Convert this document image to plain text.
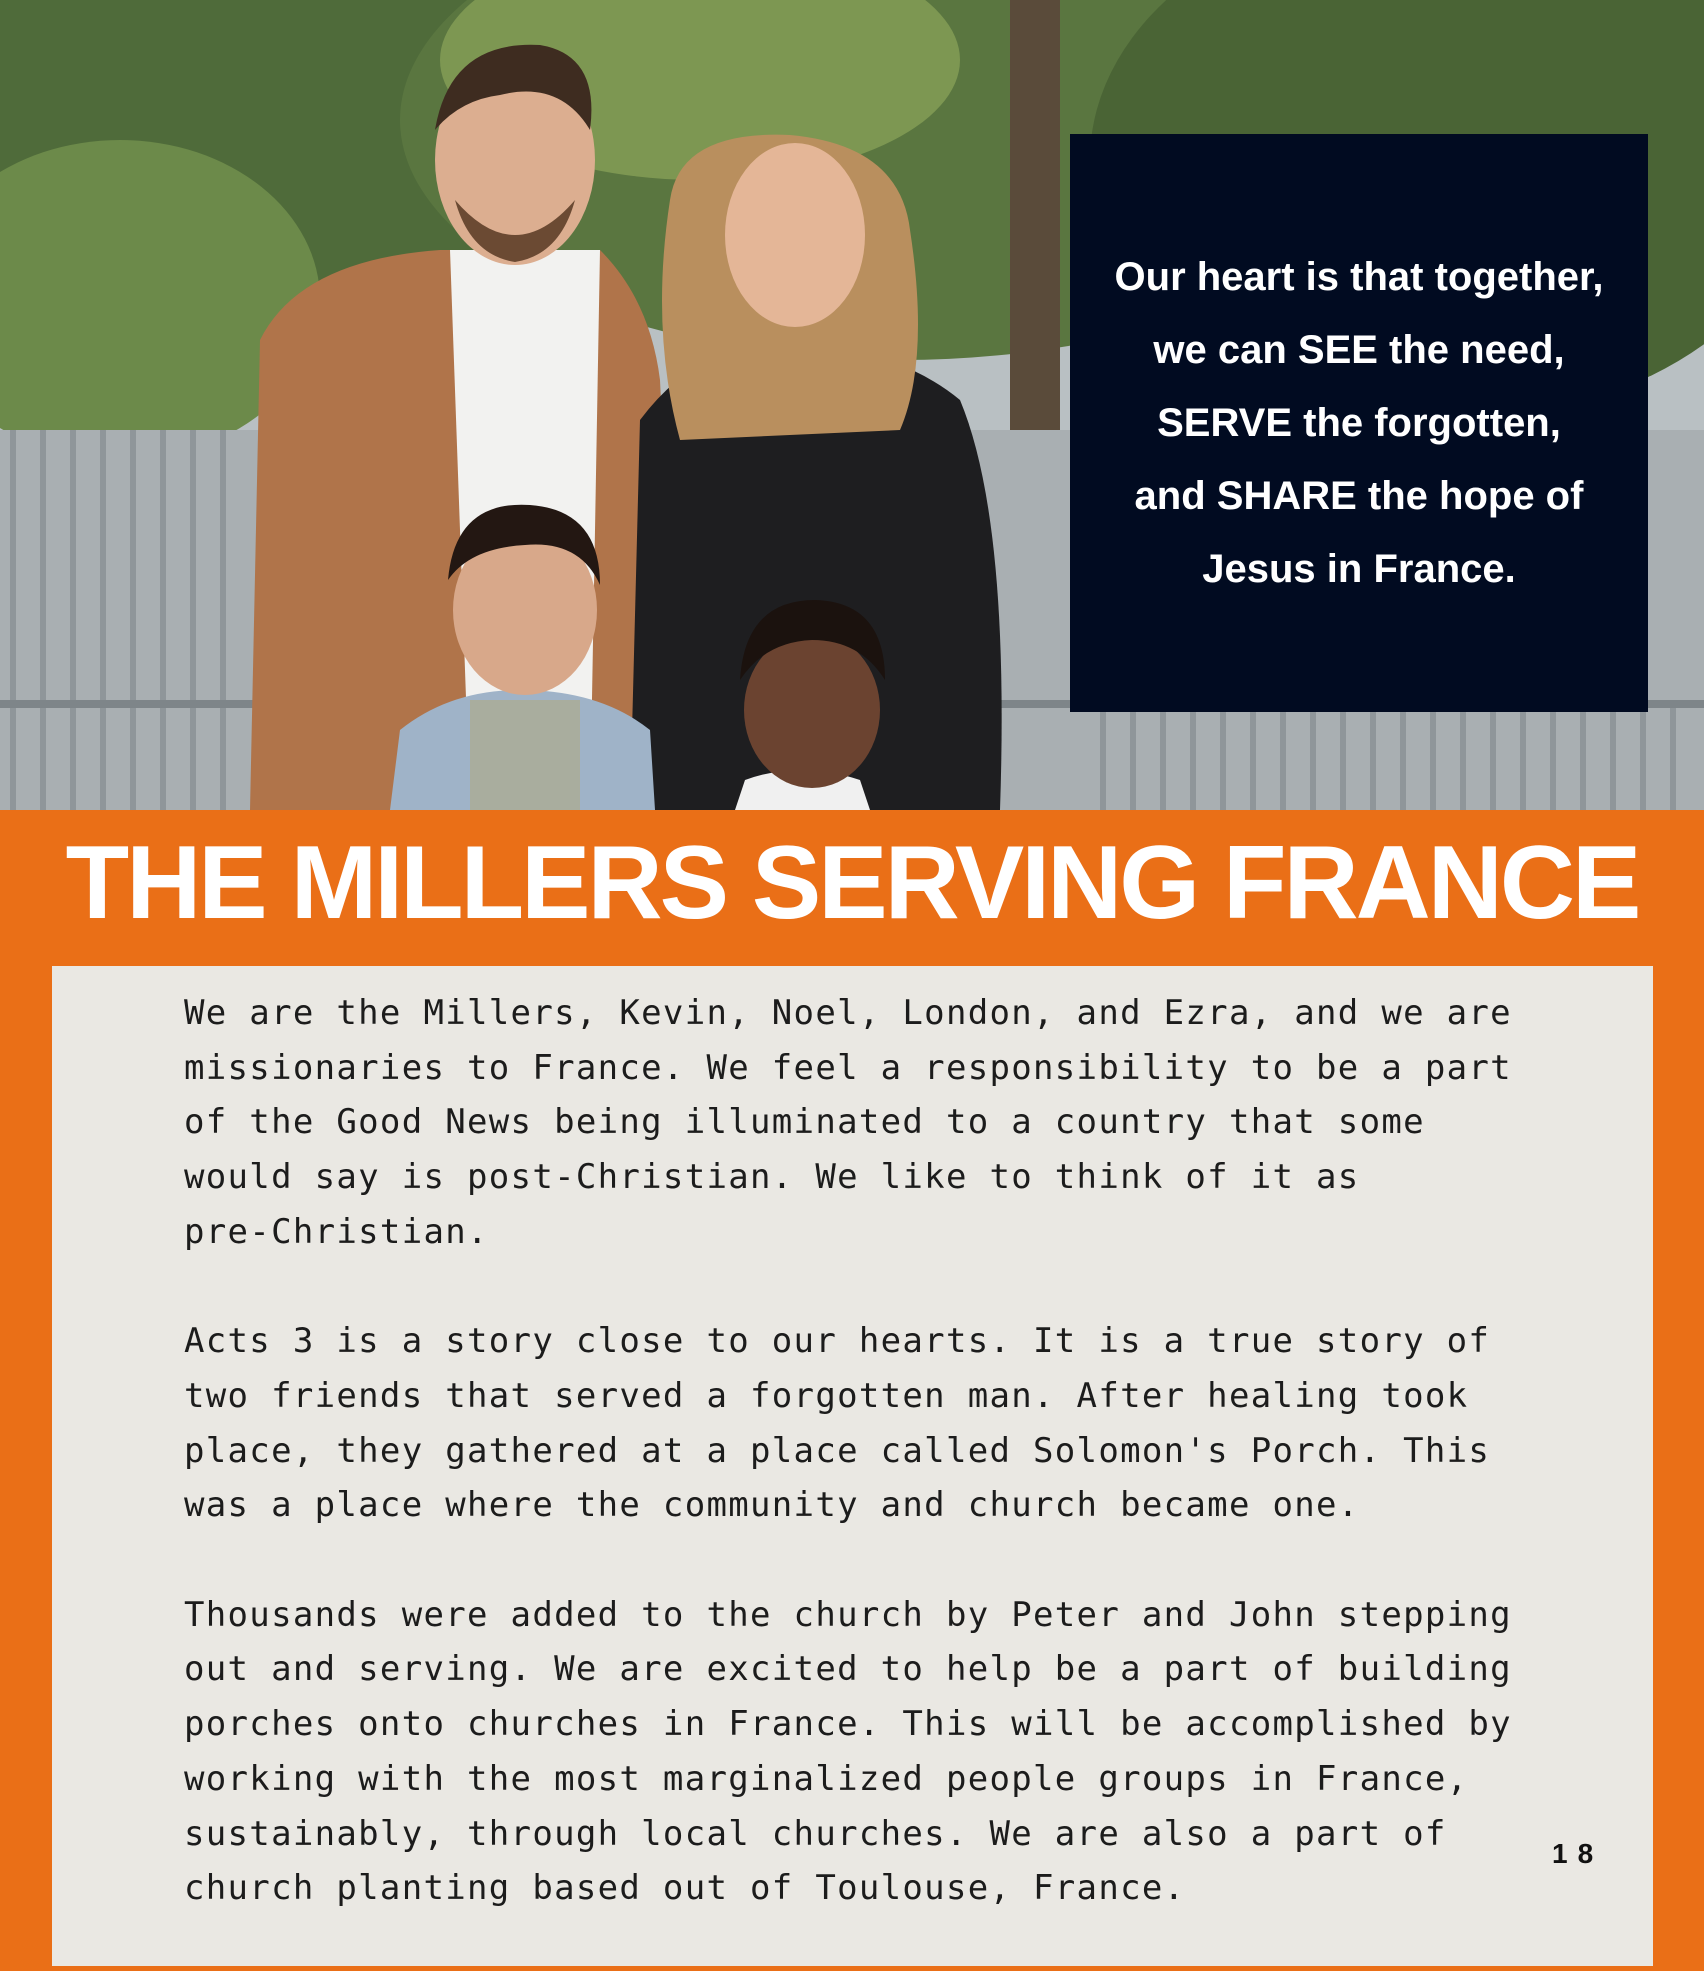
Our heart is that together,
we can SEE the need,
SERVE the forgotten,
and SHARE the hope of
Jesus in France.

THE MILLERS SERVING FRANCE

We are the Millers, Kevin, Noel, London, and Ezra, and we are
missionaries to France. We feel a responsibility to be a part
of the Good News being illuminated to a country that some
would say is post-Christian. We like to think of it as
pre-Christian.

Acts 3 is a story close to our hearts. It is a true story of
two friends that served a forgotten man. After healing took
place, they gathered at a place called Solomon's Porch. This
was a place where the community and church became one.

Thousands were added to the church by Peter and John stepping
out and serving. We are excited to help be a part of building
porches onto churches in France. This will be accomplished by
working with the most marginalized people groups in France,
sustainably, through local churches. We are also a part of
church planting based out of Toulouse, France.

18
